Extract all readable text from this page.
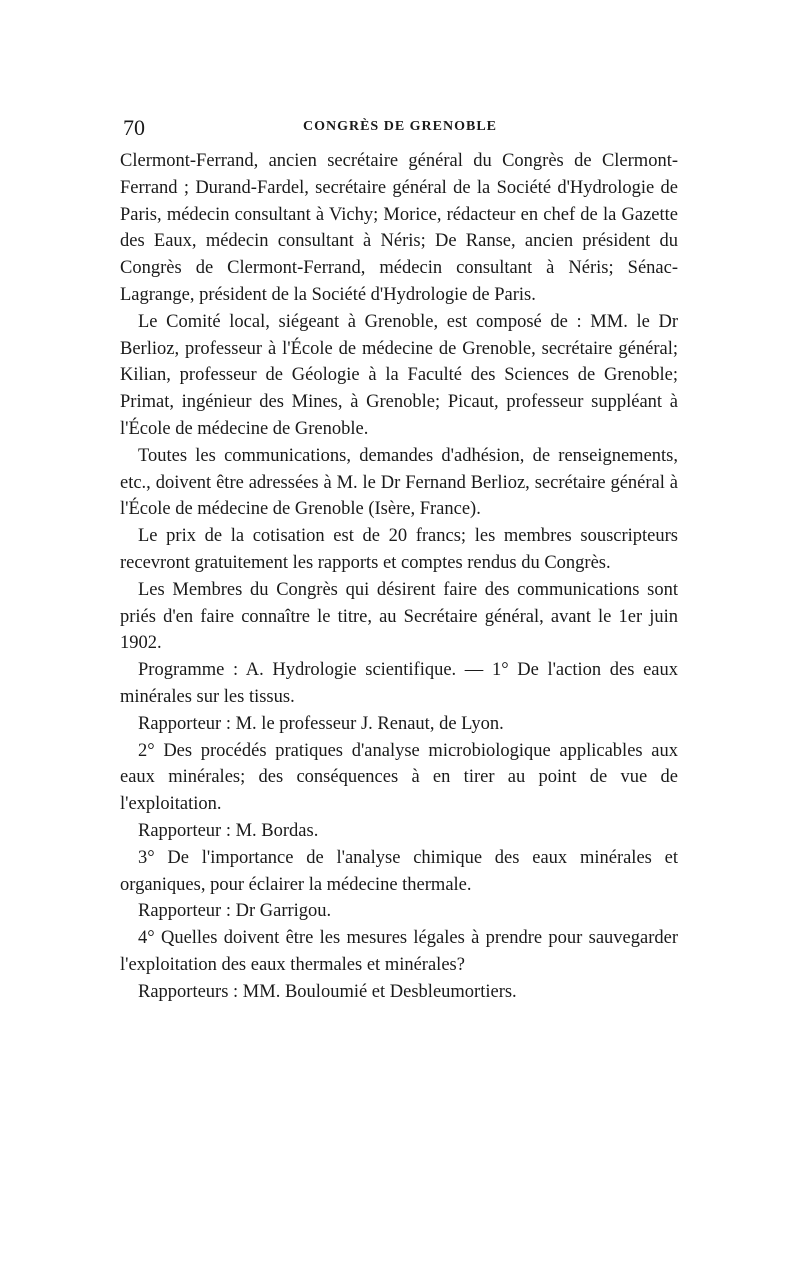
70	CONGRÈS DE GRENOBLE

Clermont-Ferrand, ancien secrétaire général du Congrès de Clermont-Ferrand ; Durand-Fardel, secrétaire général de la Société d'Hydrologie de Paris, médecin consultant à Vichy; Morice, rédacteur en chef de la Gazette des Eaux, médecin consultant à Néris; De Ranse, ancien président du Congrès de Clermont-Ferrand, médecin consultant à Néris; Sénac-Lagrange, président de la Société d'Hydrologie de Paris.

Le Comité local, siégeant à Grenoble, est composé de : MM. le Dr Berlioz, professeur à l'École de médecine de Grenoble, secrétaire général; Kilian, professeur de Géologie à la Faculté des Sciences de Grenoble; Primat, ingénieur des Mines, à Grenoble; Picaut, professeur suppléant à l'École de médecine de Grenoble.

Toutes les communications, demandes d'adhésion, de renseignements, etc., doivent être adressées à M. le Dr Fernand Berlioz, secrétaire général à l'École de médecine de Grenoble (Isère, France).

Le prix de la cotisation est de 20 francs; les membres souscripteurs recevront gratuitement les rapports et comptes rendus du Congrès.

Les Membres du Congrès qui désirent faire des communications sont priés d'en faire connaître le titre, au Secrétaire général, avant le 1er juin 1902.

Programme : A. Hydrologie scientifique. — 1° De l'action des eaux minérales sur les tissus.

Rapporteur : M. le professeur J. Renaut, de Lyon.

2° Des procédés pratiques d'analyse microbiologique applicables aux eaux minérales; des conséquences à en tirer au point de vue de l'exploitation.

Rapporteur : M. Bordas.

3° De l'importance de l'analyse chimique des eaux minérales et organiques, pour éclairer la médecine thermale.

Rapporteur : Dr Garrigou.

4° Quelles doivent être les mesures légales à prendre pour sauvegarder l'exploitation des eaux thermales et minérales?

Rapporteurs : MM. Bouloumié et Desbleumortiers.
